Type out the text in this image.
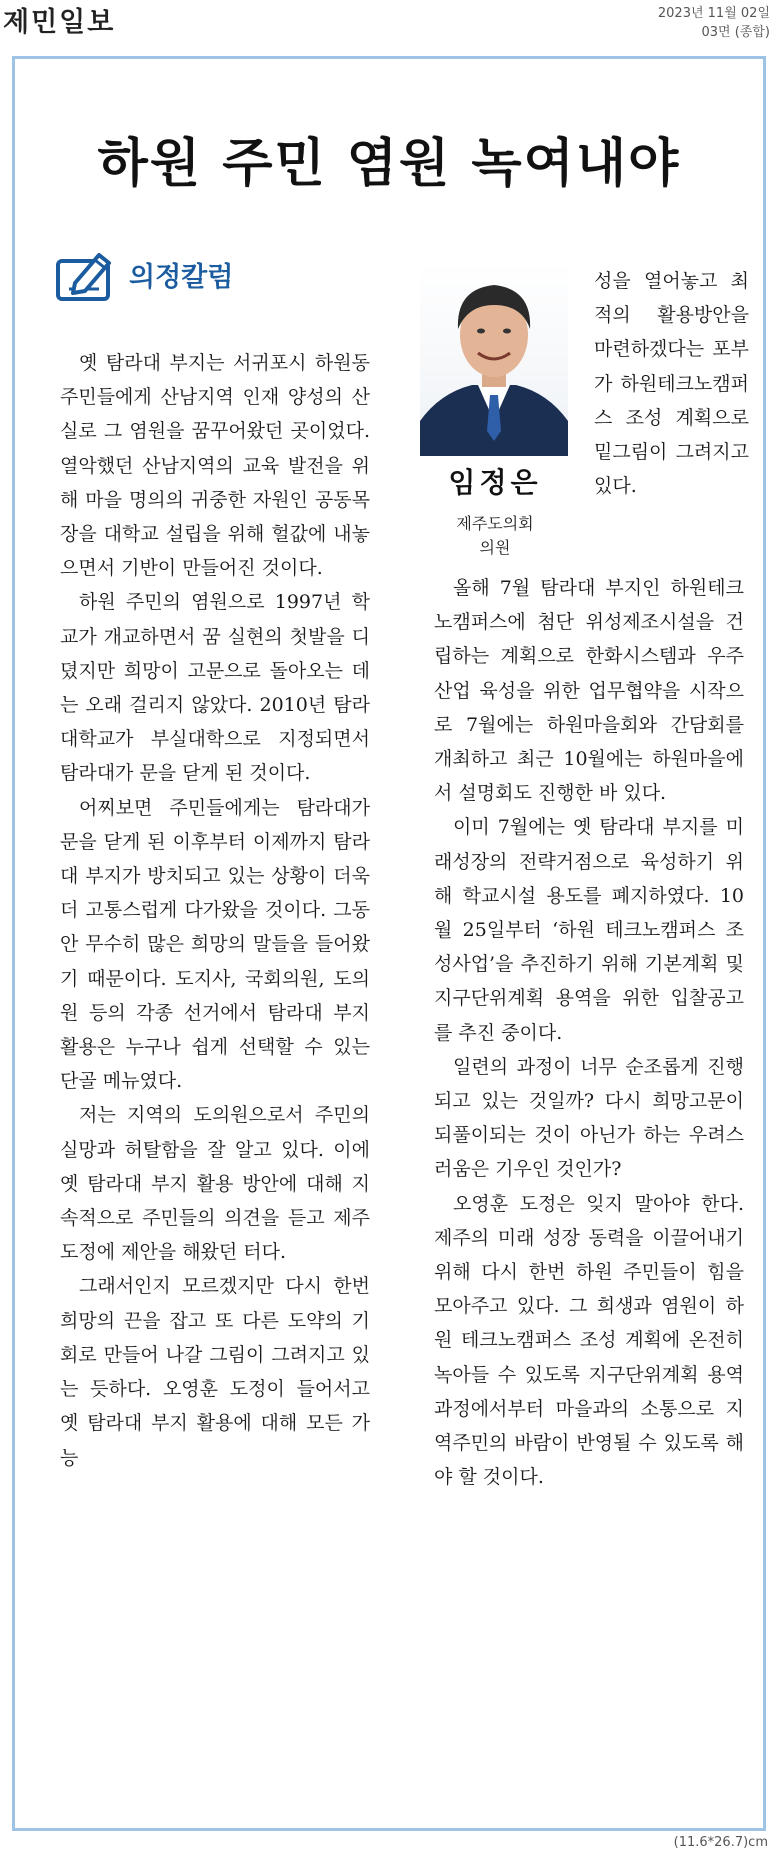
제민일보	2023년 11월 02일
03면 (종합)
하원 주민 염원 녹여내야
의정칼럼

옛 탐라대 부지는 서귀포시 하원동 주민들에게 산남지역 인재 양성의 산실로 그 염원을 꿈꾸어왔던 곳이었다. 열악했던 산남지역의 교육 발전을 위해 마을 명의의 귀중한 자원인 공동목장을 대학교 설립을 위해 헐값에 내놓으면서 기반이 만들어진 것이다.

하원 주민의 염원으로 1997년 학교가 개교하면서 꿈 실현의 첫발을 디뎠지만 희망이 고문으로 돌아오는 데는 오래 걸리지 않았다. 2010년 탐라대학교가 부실대학으로 지정되면서 탐라대가 문을 닫게 된 것이다.

어찌보면 주민들에게는 탐라대가 문을 닫게 된 이후부터 이제까지 탐라대 부지가 방치되고 있는 상황이 더욱더 고통스럽게 다가왔을 것이다. 그동안 무수히 많은 희망의 말들을 들어왔기 때문이다. 도지사, 국회의원, 도의원 등의 각종 선거에서 탐라대 부지 활용은 누구나 쉽게 선택할 수 있는 단골 메뉴였다.

저는 지역의 도의원으로서 주민의 실망과 허탈함을 잘 알고 있다. 이에 옛 탐라대 부지 활용 방안에 대해 지속적으로 주민들의 의견을 듣고 제주도정에 제안을 해왔던 터다.

그래서인지 모르겠지만 다시 한번 희망의 끈을 잡고 또 다른 도약의 기회로 만들어 나갈 그림이 그려지고 있는 듯하다. 오영훈 도정이 들어서고 옛 탐라대 부지 활용에 대해 모든 가능

임정은
제주도의회
의원

성을 열어놓고 최적의 활용방안을 마련하겠다는 포부가 하원테크노캠퍼스 조성 계획으로 밑그림이 그려지고 있다.

올해 7월 탐라대 부지인 하원테크노캠퍼스에 첨단 위성제조시설을 건립하는 계획으로 한화시스템과 우주산업 육성을 위한 업무협약을 시작으로 7월에는 하원마을회와 간담회를 개최하고 최근 10월에는 하원마을에서 설명회도 진행한 바 있다.

이미 7월에는 옛 탐라대 부지를 미래성장의 전략거점으로 육성하기 위해 학교시설 용도를 폐지하였다. 10월 25일부터 ‘하원 테크노캠퍼스 조성사업’을 추진하기 위해 기본계획 및 지구단위계획 용역을 위한 입찰공고를 추진 중이다.

일련의 과정이 너무 순조롭게 진행되고 있는 것일까? 다시 희망고문이 되풀이되는 것이 아닌가 하는 우려스러움은 기우인 것인가?

오영훈 도정은 잊지 말아야 한다. 제주의 미래 성장 동력을 이끌어내기 위해 다시 한번 하원 주민들이 힘을 모아주고 있다. 그 희생과 염원이 하원 테크노캠퍼스 조성 계획에 온전히 녹아들 수 있도록 지구단위계획 용역 과정에서부터 마을과의 소통으로 지역주민의 바람이 반영될 수 있도록 해야 할 것이다.

(11.6*26.7)cm
